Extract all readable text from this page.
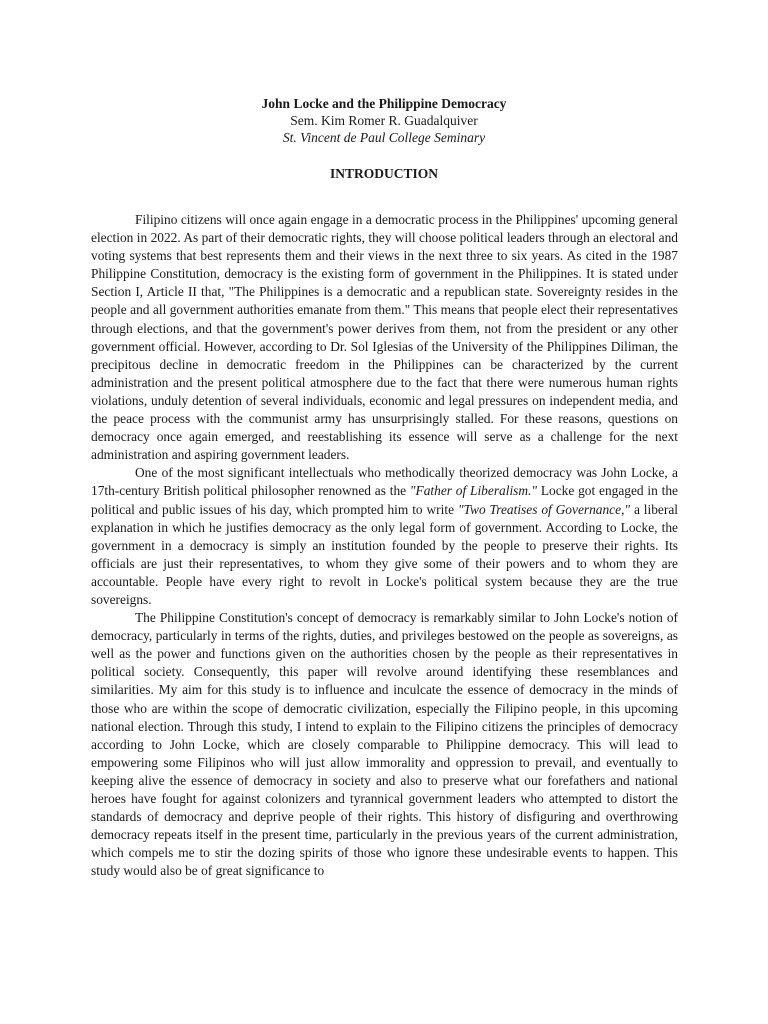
John Locke and the Philippine Democracy
Sem. Kim Romer R. Guadalquiver
St. Vincent de Paul College Seminary
INTRODUCTION

Filipino citizens will once again engage in a democratic process in the Philippines' upcoming general election in 2022. As part of their democratic rights, they will choose political leaders through an electoral and voting systems that best represents them and their views in the next three to six years. As cited in the 1987 Philippine Constitution, democracy is the existing form of government in the Philippines. It is stated under Section I, Article II that, "The Philippines is a democratic and a republican state. Sovereignty resides in the people and all government authorities emanate from them." This means that people elect their representatives through elections, and that the government's power derives from them, not from the president or any other government official. However, according to Dr. Sol Iglesias of the University of the Philippines Diliman, the precipitous decline in democratic freedom in the Philippines can be characterized by the current administration and the present political atmosphere due to the fact that there were numerous human rights violations, unduly detention of several individuals, economic and legal pressures on independent media, and the peace process with the communist army has unsurprisingly stalled. For these reasons, questions on democracy once again emerged, and reestablishing its essence will serve as a challenge for the next administration and aspiring government leaders.

One of the most significant intellectuals who methodically theorized democracy was John Locke, a 17th-century British political philosopher renowned as the "Father of Liberalism." Locke got engaged in the political and public issues of his day, which prompted him to write "Two Treatises of Governance," a liberal explanation in which he justifies democracy as the only legal form of government. According to Locke, the government in a democracy is simply an institution founded by the people to preserve their rights. Its officials are just their representatives, to whom they give some of their powers and to whom they are accountable. People have every right to revolt in Locke's political system because they are the true sovereigns.

The Philippine Constitution's concept of democracy is remarkably similar to John Locke's notion of democracy, particularly in terms of the rights, duties, and privileges bestowed on the people as sovereigns, as well as the power and functions given on the authorities chosen by the people as their representatives in political society. Consequently, this paper will revolve around identifying these resemblances and similarities. My aim for this study is to influence and inculcate the essence of democracy in the minds of those who are within the scope of democratic civilization, especially the Filipino people, in this upcoming national election. Through this study, I intend to explain to the Filipino citizens the principles of democracy according to John Locke, which are closely comparable to Philippine democracy. This will lead to empowering some Filipinos who will just allow immorality and oppression to prevail, and eventually to keeping alive the essence of democracy in society and also to preserve what our forefathers and national heroes have fought for against colonizers and tyrannical government leaders who attempted to distort the standards of democracy and deprive people of their rights. This history of disfiguring and overthrowing democracy repeats itself in the present time, particularly in the previous years of the current administration, which compels me to stir the dozing spirits of those who ignore these undesirable events to happen. This study would also be of great significance to
